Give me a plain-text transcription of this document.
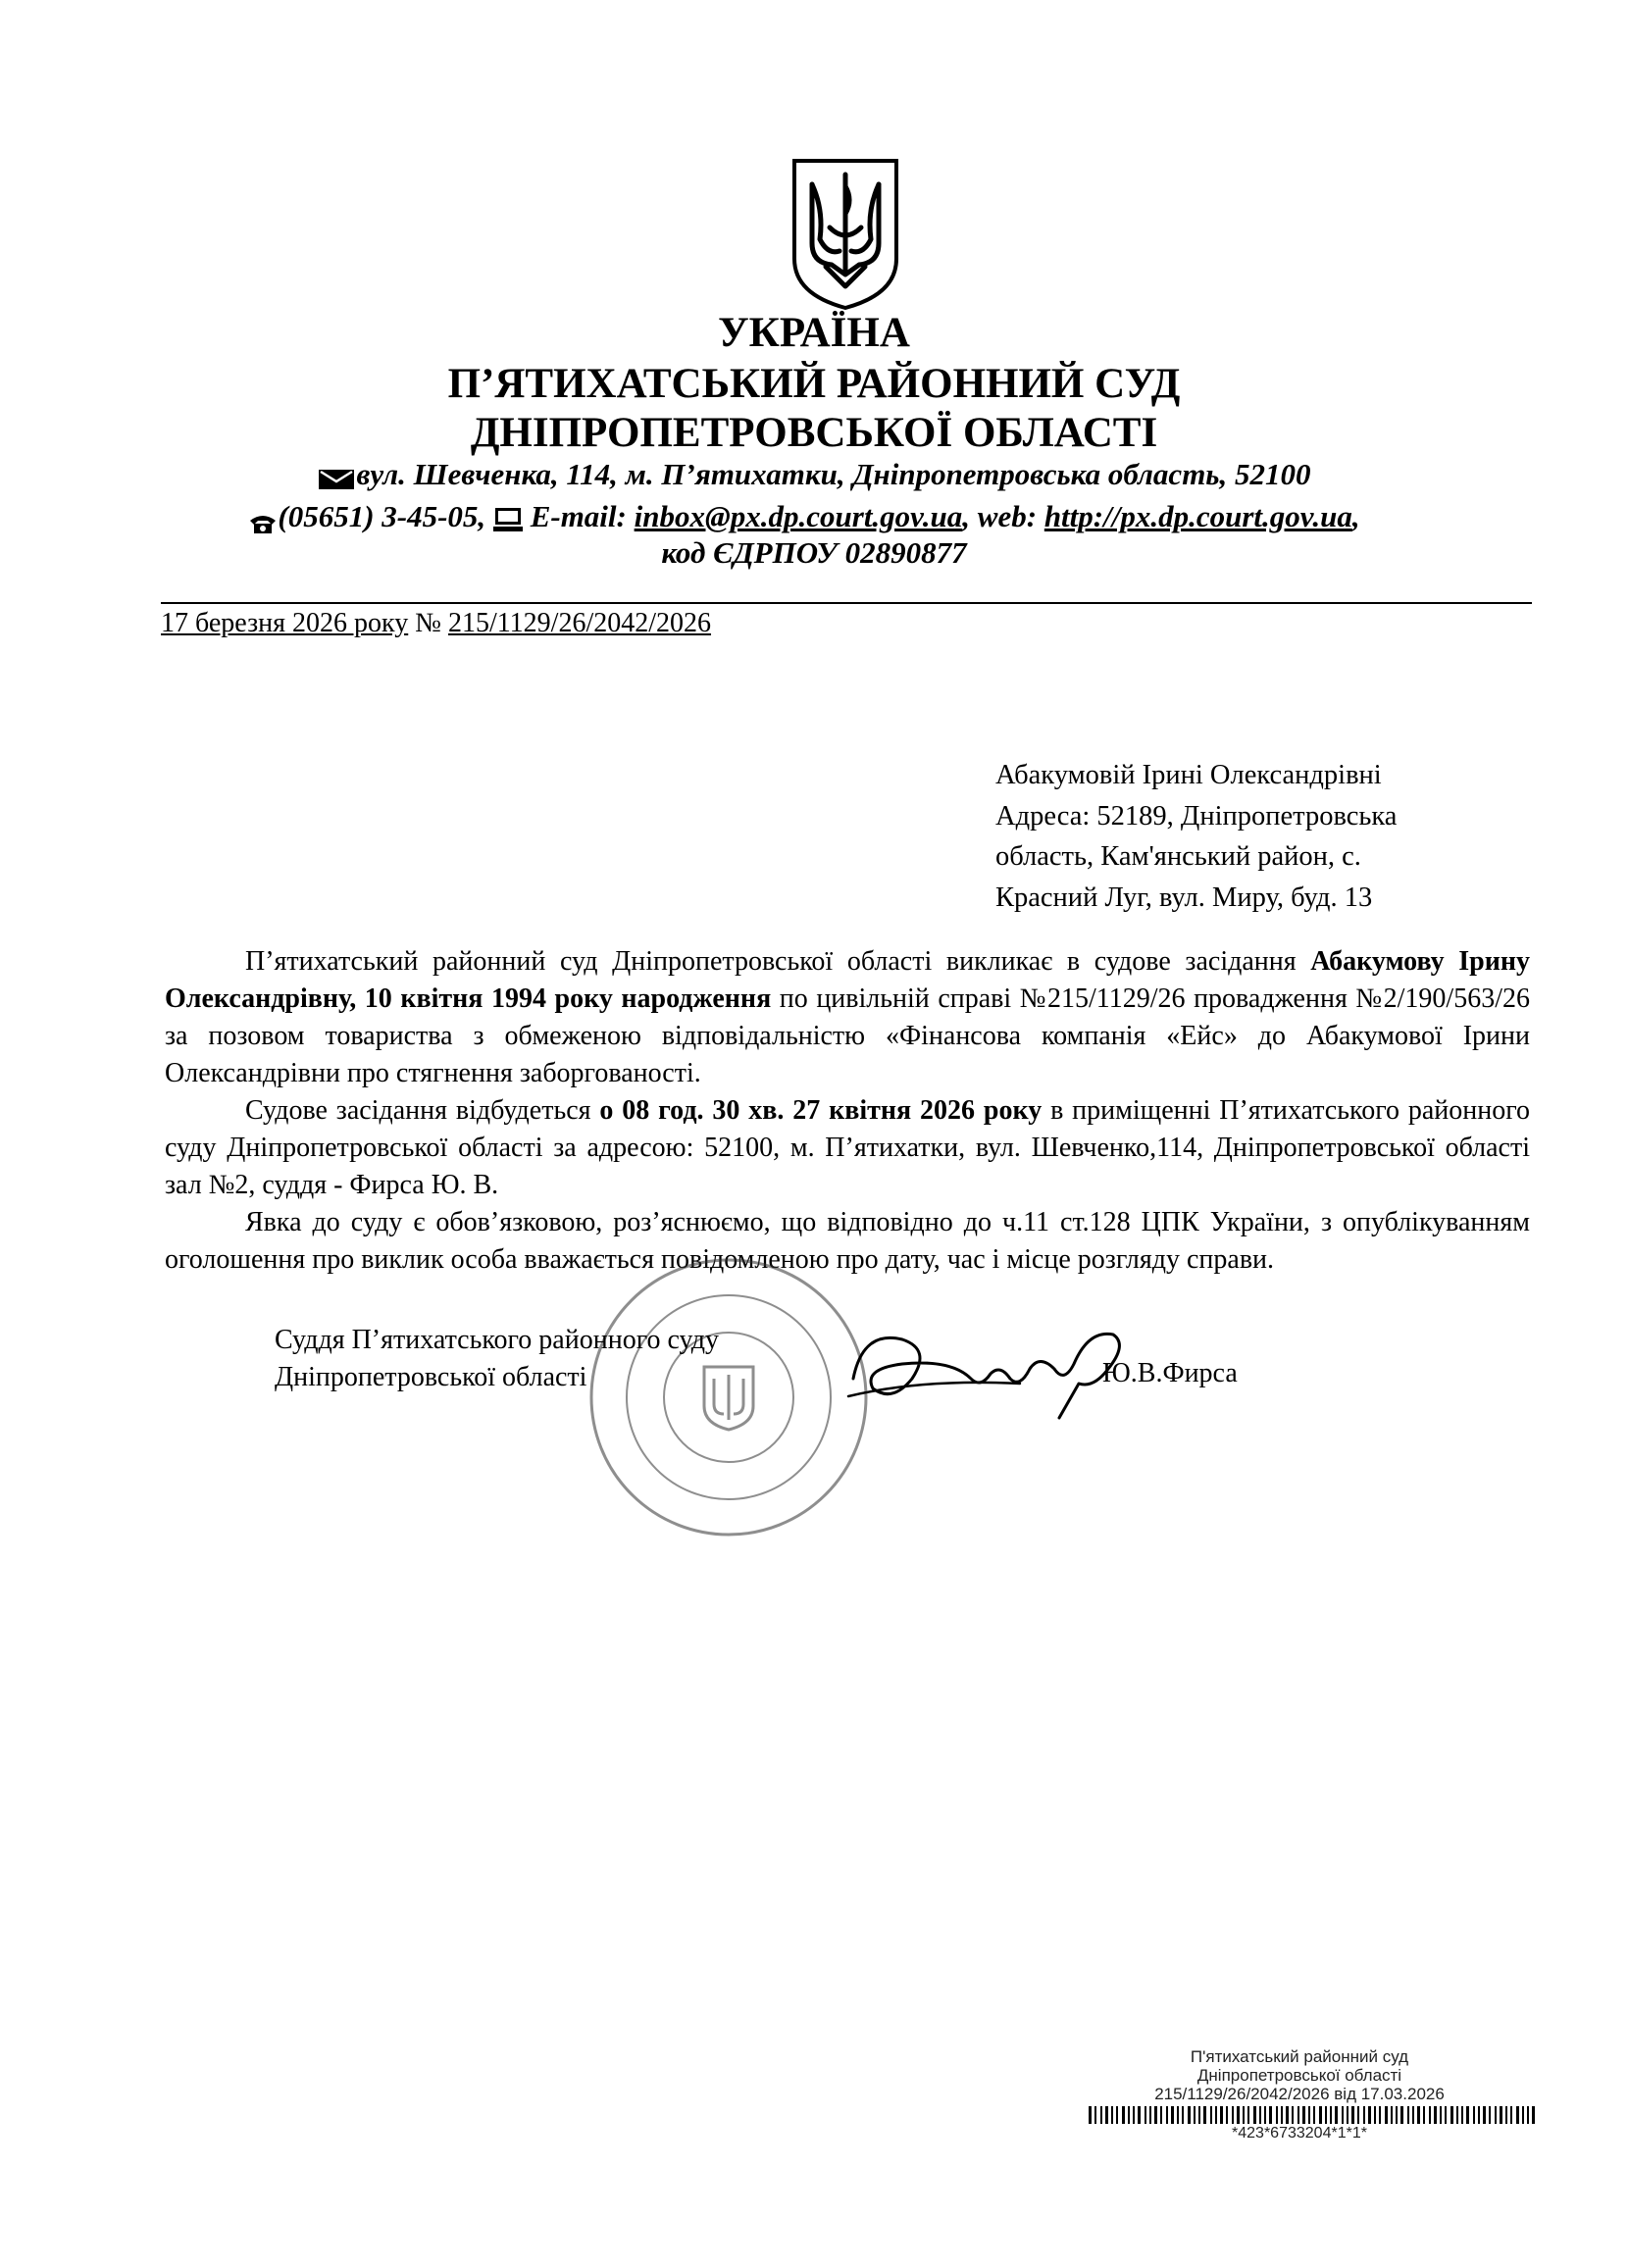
УКРАЇНА
П’ЯТИХАТСЬКИЙ РАЙОННИЙ СУД
ДНІПРОПЕТРОВСЬКОЇ ОБЛАСТІ
вул. Шевченка, 114, м. П’ятихатки, Дніпропетровська область, 52100
(05651) 3-45-05, E-mail: inbox@px.dp.court.gov.ua, web: http://px.dp.court.gov.ua,
код ЄДРПОУ 02890877
17 березня 2026 року № 215/1129/26/2042/2026
Абакумовій Ірині Олександрівні
Адреса: 52189, Дніпропетровська
область, Кам'янський район, с.
Красний Луг, вул. Миру, буд. 13

П’ятихатський районний суд Дніпропетровської області викликає в судове засідання Абакумову Ірину Олександрівну, 10 квітня 1994 року народження по цивільній справі №215/1129/26 провадження №2/190/563/26 за позовом товариства з обмеженою відповідальністю «Фінансова компанія «Ейс» до Абакумової Ірини Олександрівни про стягнення заборгованості.

Судове засідання відбудеться о 08 год. 30 хв. 27 квітня 2026 року в приміщенні П’ятихатського районного суду Дніпропетровської області за адресою: 52100, м. П’ятихатки, вул. Шевченко,114, Дніпропетровської області зал №2, суддя - Фирса Ю. В.

Явка до суду є обов’язковою, роз’яснюємо, що відповідно до ч.11 ст.128 ЦПК України, з опублікуванням оголошення про виклик особа вважається повідомленою про дату, час і місце розгляду справи.

Суддя П’ятихатського районного суду
Дніпропетровської області	Ю.В.Фирса
П'ятихатський районний суд
Дніпропетровської області
215/1129/26/2042/2026 від 17.03.2026
*423*6733204*1*1*
